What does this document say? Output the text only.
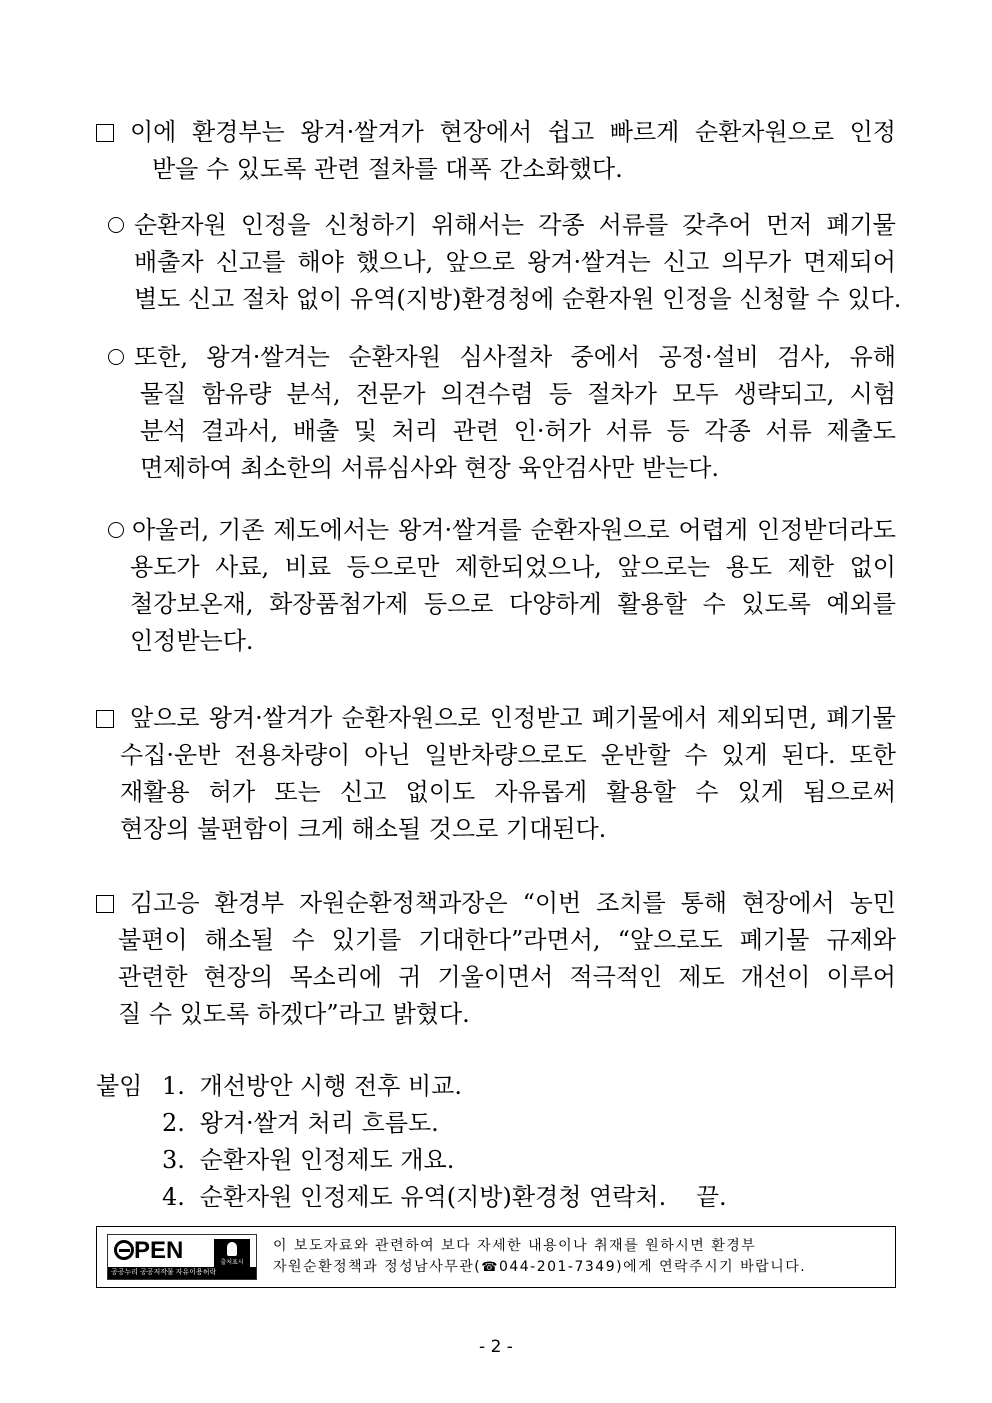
이에 환경부는 왕겨·쌀겨가 현장에서 쉽고 빠르게 순환자원으로 인정
받을 수 있도록 관련 절차를 대폭 간소화했다.
순환자원 인정을 신청하기 위해서는 각종 서류를 갖추어 먼저 폐기물
배출자 신고를 해야 했으나, 앞으로 왕겨·쌀겨는 신고 의무가 면제되어
별도 신고 절차 없이 유역(지방)환경청에 순환자원 인정을 신청할 수 있다.
또한, 왕겨·쌀겨는 순환자원 심사절차 중에서 공정·설비 검사, 유해
물질 함유량 분석, 전문가 의견수렴 등 절차가 모두 생략되고, 시험
분석 결과서, 배출 및 처리 관련 인·허가 서류 등 각종 서류 제출도
면제하여 최소한의 서류심사와 현장 육안검사만 받는다.
아울러, 기존 제도에서는 왕겨·쌀겨를 순환자원으로 어렵게 인정받더라도
용도가 사료, 비료 등으로만 제한되었으나, 앞으로는 용도 제한 없이
철강보온재, 화장품첨가제 등으로 다양하게 활용할 수 있도록 예외를
인정받는다.
앞으로 왕겨·쌀겨가 순환자원으로 인정받고 폐기물에서 제외되면, 폐기물
수집·운반 전용차량이 아닌 일반차량으로도 운반할 수 있게 된다. 또한
재활용 허가 또는 신고 없이도 자유롭게 활용할 수 있게 됨으로써
현장의 불편함이 크게 해소될 것으로 기대된다.
김고응 환경부 자원순환정책과장은 “이번 조치를 통해 현장에서 농민
불편이 해소될 수 있기를 기대한다”라면서, “앞으로도 폐기물 규제와
관련한 현장의 목소리에 귀 기울이면서 적극적인 제도 개선이 이루어
질 수 있도록 하겠다”라고 밝혔다.
붙임 1. 개선방안 시행 전후 비교.
2. 왕겨·쌀겨 처리 흐름도.
3. 순환자원 인정제도 개요.
4. 순환자원 인정제도 유역(지방)환경청 연락처. 끝.
PEN	출처표시
공공누리 공공저작물 자유이용허락
이 보도자료와 관련하여 보다 자세한 내용이나 취재를 원하시면 환경부
자원순환정책과 정성남사무관(☎044-201-7349)에게 연락주시기 바랍니다.
- 2 -
